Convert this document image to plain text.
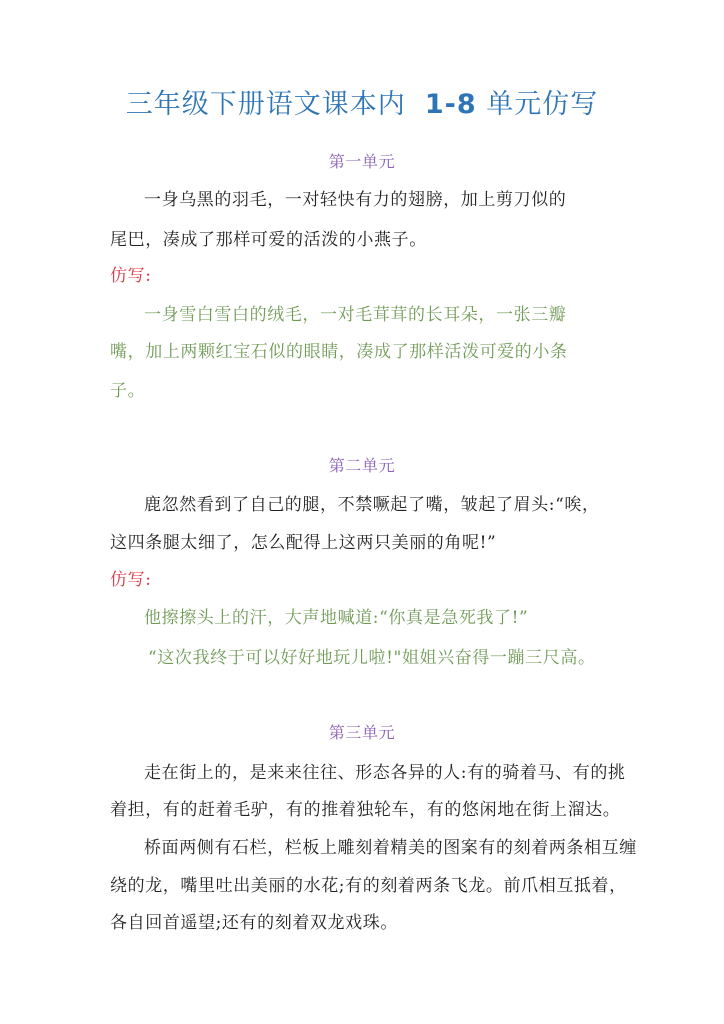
三年级下册语文课本内 1-8 单元仿写
第一单元
一身乌黑的羽毛，一对轻快有力的翅膀，加上剪刀似的
尾巴，凑成了那样可爱的活泼的小燕子。
仿写:
一身雪白雪白的绒毛，一对毛茸茸的长耳朵，一张三瓣
嘴，加上两颗红宝石似的眼睛，凑成了那样活泼可爱的小条
子。
第二单元
鹿忽然看到了自己的腿，不禁噘起了嘴，皱起了眉头:“唉，
这四条腿太细了，怎么配得上这两只美丽的角呢!”
仿写:
他擦擦头上的汗，大声地喊道:“你真是急死我了!”
“这次我终于可以好好地玩儿啦!"姐姐兴奋得一蹦三尺高。
第三单元
走在街上的，是来来往往、形态各异的人:有的骑着马、有的挑
着担，有的赶着毛驴，有的推着独轮车，有的悠闲地在街上溜达。
桥面两侧有石栏，栏板上雕刻着精美的图案有的刻着两条相互缠
绕的龙，嘴里吐出美丽的水花;有的刻着两条飞龙。前爪相互抵着，
各自回首遥望;还有的刻着双龙戏珠。
